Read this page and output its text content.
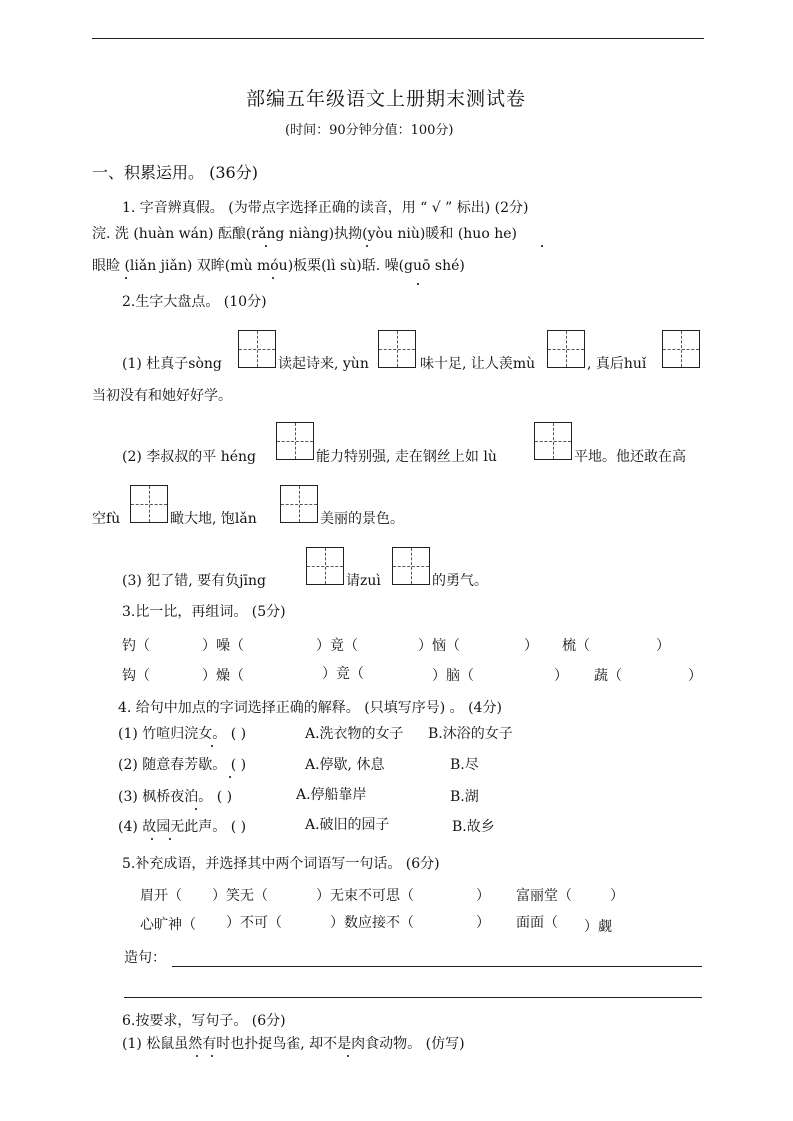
部编五年级语文上册期末测试卷
(时间：90分钟分值：100分)
一、积累运用。 (36分)
1. 字音辨真假。 (为带点字选择正确的读音，用 “ √ ” 标出) (2分)
浣. 洗 (huàn wán) 酝酿(rǎng niàng)执拗(yòu niù)暖和 (huo he)
眼睑 (liǎn jiǎn) 双眸(mù móu)板栗(lì sù)聒. 噪(guō shé)
2.生字大盘点。 (10分)
(1) 杜真子sòng	读起诗来, yùn	味十足, 让人羡mù	, 真后huǐ
当初没有和她好好学。
(2) 李叔叔的平 héng	能力特别强, 走在钢丝上如 lù	平地。他还敢在高
空fù	瞰大地, 饱lǎn	美丽的景色。
(3) 犯了错, 要有负jīng	请zuì	的勇气。
3.比一比，再组词。 (5分)
钓（	）噪（	）竟（	）恼（	） 梳（	）
钩（	）燥（	）竞（	）脑（	） 蔬（	）
4. 给句中加点的字词选择正确的解释。 (只填写序号) 。 (4分)
(1) 竹喧归浣女。 ( )	A.洗衣物的女子 B.沐浴的女子
(2) 随意春芳歇。 ( )	A.停歇, 休息	B.尽
(3) 枫桥夜泊。 ( )	A.停船靠岸	B.湖
(4) 故园无此声。 ( )	A.破旧的园子	B.故乡
5.补充成语，并选择其中两个词语写一句话。 (6分)
眉开（ ）笑无（	）无束不可思（	） 富丽堂（	）
心旷神（ ）不可（	）数应接不（	） 面面（ ）觑
造句：
6.按要求，写句子。 (6分)
(1) 松鼠虽然有时也扑捉鸟雀, 却不是肉食动物。 (仿写)
